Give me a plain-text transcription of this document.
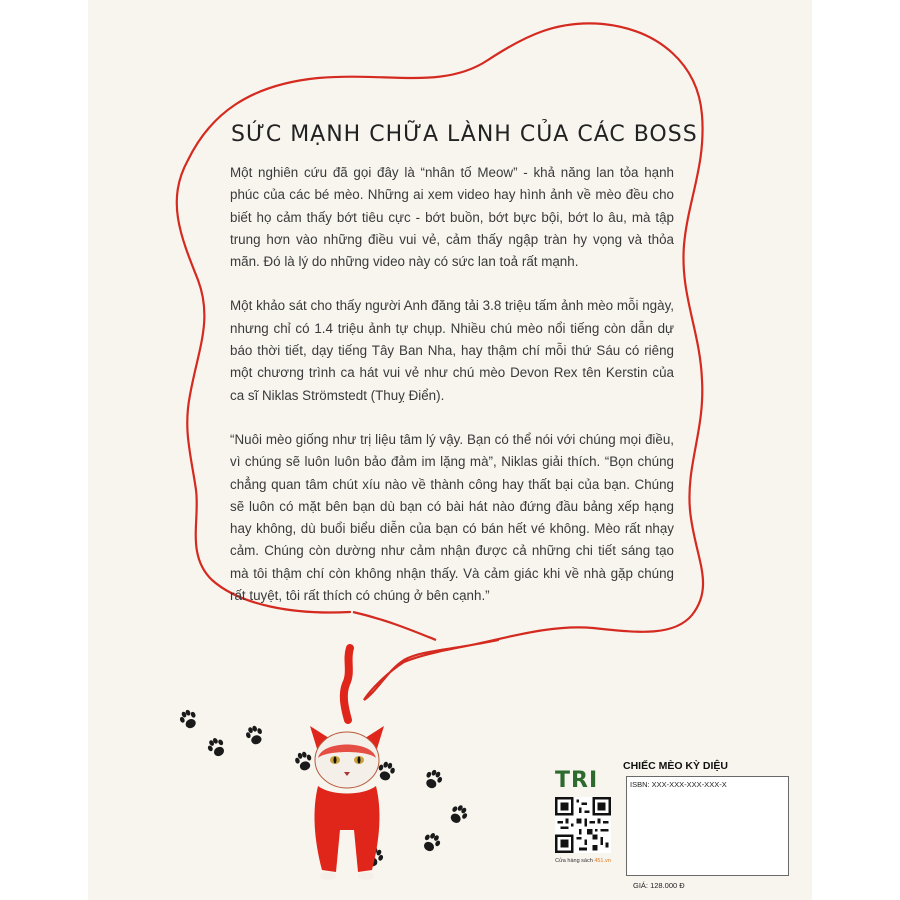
SỨC MẠNH CHỮA LÀNH CỦA CÁC BOSS

Một nghiên cứu đã gọi đây là “nhân tố Meow” - khả năng lan tỏa hạnh phúc của các bé mèo. Những ai xem video hay hình ảnh về mèo đều cho biết họ cảm thấy bớt tiêu cực - bớt buồn, bớt bực bội, bớt lo âu, mà tập trung hơn vào những điều vui vẻ, cảm thấy ngập tràn hy vọng và thỏa mãn. Đó là lý do những video này có sức lan toả rất mạnh.

Một khảo sát cho thấy người Anh đăng tải 3.8 triệu tấm ảnh mèo mỗi ngày, nhưng chỉ có 1.4 triệu ảnh tự chụp. Nhiều chú mèo nổi tiếng còn dẫn dự báo thời tiết, dạy tiếng Tây Ban Nha, hay thậm chí mỗi thứ Sáu có riêng một chương trình ca hát vui vẻ như chú mèo Devon Rex tên Kerstin của ca sĩ Niklas Strömstedt (Thuỵ Điển).

“Nuôi mèo giống như trị liệu tâm lý vậy. Bạn có thể nói với chúng mọi điều, vì chúng sẽ luôn luôn bảo đảm im lặng mà”, Niklas giải thích. “Bọn chúng chẳng quan tâm chút xíu nào về thành công hay thất bại của bạn. Chúng sẽ luôn có mặt bên bạn dù bạn có bài hát nào đứng đầu bảng xếp hạng hay không, dù buổi biểu diễn của bạn có bán hết vé không. Mèo rất nhạy cảm. Chúng còn dường như cảm nhận được cả những chi tiết sáng tạo mà tôi thậm chí còn không nhận thấy. Và cảm giác khi về nhà gặp chúng rất tuyệt, tôi rất thích có chúng ở bên cạnh.”

TRI
Cửa hàng sách 451.vn
CHIẾC MÈO KỲ DIỆU
ISBN: XXX-XXX-XXX-XXX-X
GIÁ: 128.000 Đ
